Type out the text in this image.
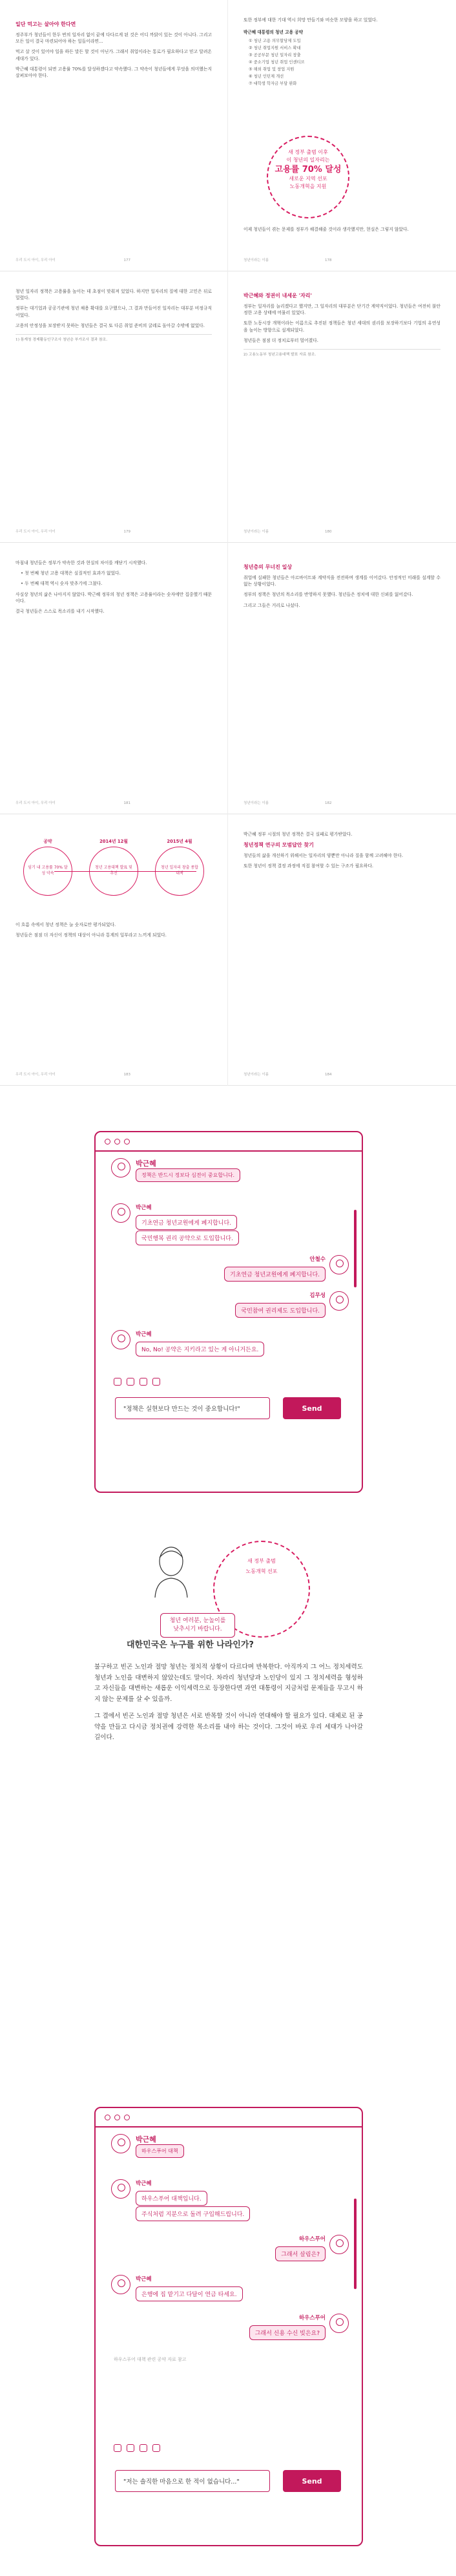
일단 먹고는 살아야 한다면
정주부가 청년들이 한두 번의 일자리 없이 끝에 다다르게 된 것은 어디 까닭이 있는 것이 아니다. 그리고 모든 일이 결국 마련되어야 하는 일들이라면...
먹고 살 것이 있어야 일을 하든 말든 할 것이 아닌가. 그래서 취업이라는 통로가 필요하다고 믿고 달려온 세대가 있다.
박근혜 대통령이 되면 고용률 70%를 달성하겠다고 약속했다. 그 약속이 청년들에게 무엇을 의미했는지 살펴보아야 한다.
우리 도시 아이, 우리 아이	177
또한 정부에 대한 기대 역시 희망 만들기와 비슷한 모양을 하고 있었다.
박근혜 대통령의 청년 고용 공약
① 청년 고용 의무할당제 도입
② 청년 취업지원 서비스 확대
③ 공공부문 청년 일자리 창출
④ 중소기업 청년 취업 인센티브
⑤ 해외 취업 및 창업 지원
⑥ 청년 인턴제 개선
⑦ 대학생 학자금 부담 완화
새 정부 출범 이후
이 청년의 일자리는
고용률 70% 달성
새로운 지역 선포
노동개혁을 지원
이제 청년들이 겪는 문제를 정부가 해결해줄 것이라 생각했지만, 현실은 그렇지 않았다.
청년이라는 이름	178
청년 일자리 정책은 고용률을 높이는 데 초점이 맞춰져 있었다. 하지만 일자리의 질에 대한 고민은 뒤로 밀렸다.
정부는 대기업과 공공기관에 청년 채용 확대를 요구했으나, 그 결과 만들어진 일자리는 대부분 비정규직이었다.
고용의 안정성을 보장받지 못하는 청년들은 결국 또 다른 취업 준비의 굴레로 돌아갈 수밖에 없었다.
1) 통계청 경제활동인구조사 청년층 부가조사 결과 참조.
우리 도시 아이, 우리 아이	179
박근혜와 정권이 내세운 '자리'
정부는 일자리를 늘리겠다고 했지만, 그 일자리의 대부분은 단기간 계약직이었다. 청년들은 여전히 불안정한 고용 상태에 머물러 있었다.
또한 노동시장 개혁이라는 이름으로 추진된 정책들은 청년 세대의 권리를 보장하기보다 기업의 유연성을 높이는 방향으로 설계되었다.
청년들은 점점 더 정치로부터 멀어졌다.
2) 고용노동부 청년고용대책 발표 자료 참조.
청년이라는 이름	180
마침내 청년들은 정부가 약속한 것과 현실의 차이를 깨닫기 시작했다.
• 첫 번째 청년 고용 대책은 실질적인 효과가 없었다.
• 두 번째 대책 역시 숫자 맞추기에 그쳤다.
사실상 청년의 삶은 나아지지 않았다. 박근혜 정부의 청년 정책은 고용률이라는 숫자에만 집중했기 때문이다.
결국 청년들은 스스로 목소리를 내기 시작했다.
우리 도시 아이, 우리 아이	181
청년층의 무너진 일상
취업에 실패한 청년들은 아르바이트와 계약직을 전전하며 생계를 이어갔다. 안정적인 미래를 설계할 수 없는 상황이었다.
정부의 정책은 청년의 목소리를 반영하지 못했다. 청년들은 정치에 대한 신뢰를 잃어갔다.
그리고 그들은 거리로 나섰다.
청년이라는 이름	182
공약
임기 내 고용률 70% 달성 약속
2014년 12월
청년 고용대책 발표 및 추진
2015년 4월
청년 일자리 창출 종합 대책
이 흐름 속에서 청년 정책은 늘 숫자로만 평가되었다.
청년들은 점점 더 자신이 정책의 대상이 아니라 통계의 일부라고 느끼게 되었다.
우리 도시 아이, 우리 아이	183
박근혜 정부 시절의 청년 정책은 결국 실패로 평가받았다.
청년정책 연구의 모범답안 찾기
청년들의 삶을 개선하기 위해서는 일자리의 양뿐만 아니라 질을 함께 고려해야 한다.
또한 청년이 정책 결정 과정에 직접 참여할 수 있는 구조가 필요하다.
청년이라는 이름	184
박근혜
정책은 반드시 정보다 심전이 중요합니다.
박근혜
기초연금 청년교원에게 폐지합니다.
국민행복 권리 공약으로 도입합니다.
안철수
기초연금 청년교원에게 폐지합니다.
김무성
국민참여 권리제도 도입합니다.
박근혜
No, No! 공약은 지키라고 있는 게 아니거든요.
"정책은 실현보다 만드는 것이 중요합니다!"	Send
새 정부 출범
노동개혁 선포
청년 여러분, 눈높이를 낮추시기 바랍니다.
대한민국은 누구를 위한 나라인가?
불구하고 빈곤 노인과 절망 청년는 정치적 상황이 다르다며 반복한다. 아직까지 그 어느 정치세력도 청년과 노인을 대변하지 않았는데도 말이다. 차라리 청년당과 노인당이 있지 그 정치세력을 형성하고 자신들을 대변하는 새롭운 이익세력으로 등장한다면 과연 대통령이 지금처럼 문제들을 무고시 하지 않는 문제를 살 수 있을까.
그 결에서 빈곤 노인과 절망 청년은 서로 반목할 것이 아니라 연대해야 할 필요가 있다. 대체로 된 공약을 만들고 다시금 정치권에 강력한 목소리를 내야 하는 것이다. 그것이 바로 우리 세대가 나아갈 길이다.
박근혜
하우스푸어 대책
박근혜
하우스푸어 대책입니다.
주식처럼 지분으로 돌려 구입해드립니다.
하우스푸어
그래서 살림은?
박근혜
은행에 집 맡기고 다달이 연금 타세요.
하우스푸어
그래서 신용 수신 빚은요?
하우스푸어 대책 관련 공약 자료 참고
"저는 솔직한 마음으로 한 적이 없습니다..."	Send
